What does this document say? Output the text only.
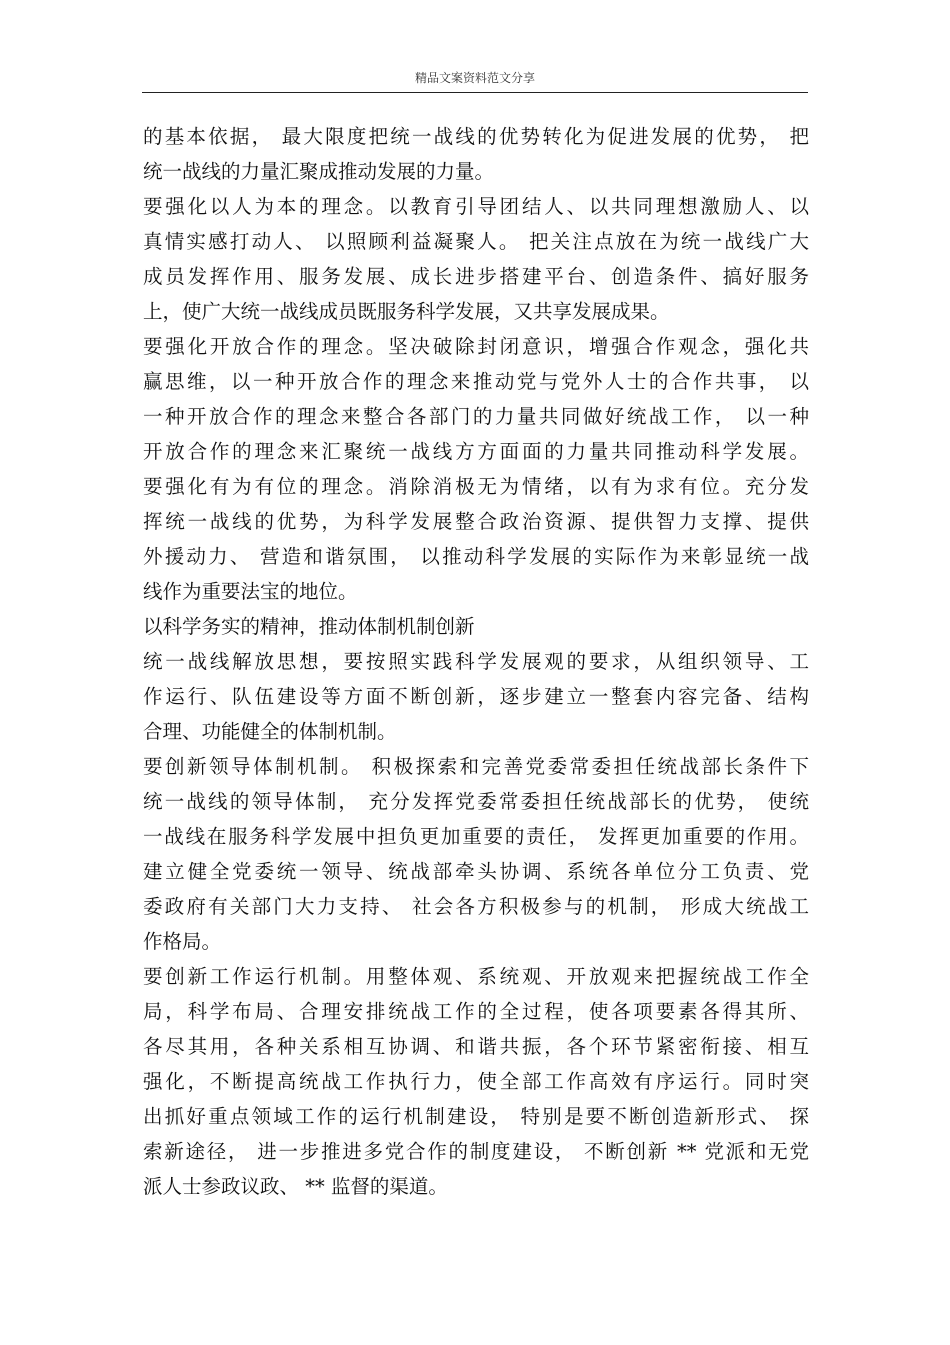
精品文案资料范文分享
的基本依据， 最大限度把统一战线的优势转化为促进发展的优势， 把
统一战线的力量汇聚成推动发展的力量。
要强化以人为本的理念。以教育引导团结人、以共同理想激励人、以
真情实感打动人、 以照顾利益凝聚人。 把关注点放在为统一战线广大
成员发挥作用、服务发展、成长进步搭建平台、创造条件、搞好服务
上，使广大统一战线成员既服务科学发展，又共享发展成果。
要强化开放合作的理念。坚决破除封闭意识，增强合作观念，强化共
赢思维，以一种开放合作的理念来推动党与党外人士的合作共事， 以
一种开放合作的理念来整合各部门的力量共同做好统战工作， 以一种
开放合作的理念来汇聚统一战线方方面面的力量共同推动科学发展。
要强化有为有位的理念。消除消极无为情绪，以有为求有位。充分发
挥统一战线的优势，为科学发展整合政治资源、提供智力支撑、提供
外援动力、 营造和谐氛围， 以推动科学发展的实际作为来彰显统一战
线作为重要法宝的地位。
以科学务实的精神，推动体制机制创新
统一战线解放思想，要按照实践科学发展观的要求，从组织领导、工
作运行、队伍建设等方面不断创新，逐步建立一整套内容完备、结构
合理、功能健全的体制机制。
要创新领导体制机制。 积极探索和完善党委常委担任统战部长条件下
统一战线的领导体制， 充分发挥党委常委担任统战部长的优势， 使统
一战线在服务科学发展中担负更加重要的责任， 发挥更加重要的作用。
建立健全党委统一领导、统战部牵头协调、系统各单位分工负责、党
委政府有关部门大力支持、 社会各方积极参与的机制， 形成大统战工
作格局。
要创新工作运行机制。用整体观、系统观、开放观来把握统战工作全
局，科学布局、合理安排统战工作的全过程，使各项要素各得其所、
各尽其用，各种关系相互协调、和谐共振，各个环节紧密衔接、相互
强化，不断提高统战工作执行力，使全部工作高效有序运行。同时突
出抓好重点领域工作的运行机制建设， 特别是要不断创造新形式、 探
索新途径， 进一步推进多党合作的制度建设， 不断创新 ** 党派和无党
派人士参政议政、 ** 监督的渠道。
